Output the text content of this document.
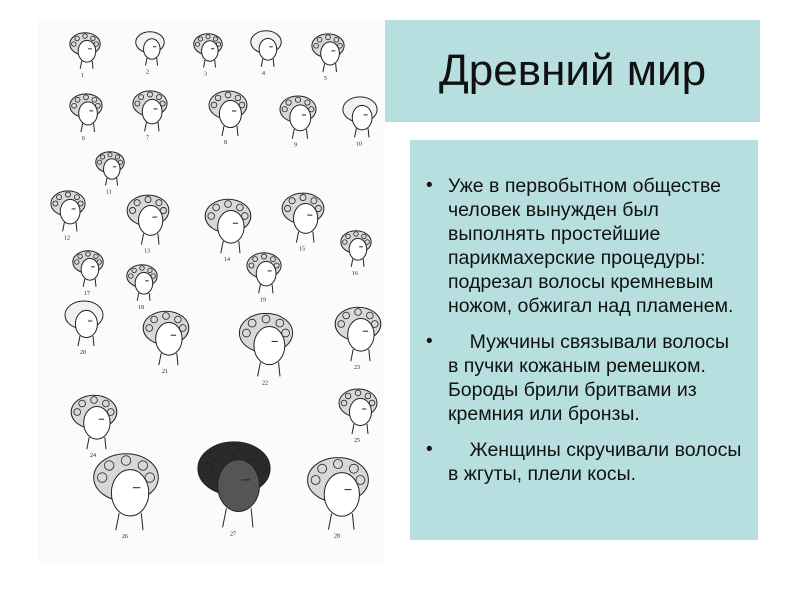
1
2	3	4
5
6	7
8	9	10
11
12
13
14
15
16
17
18
19
20
21
22
23
24
25
26	27	28
Древний мир
• Уже в первобытном обществе человек вынужден был выполнять простейшие парикмахерские процедуры: подрезал волосы кремневым ножом, обжигал над пламенем.
•     Мужчины связывали волосы в пучки кожаным ремешком. Бороды брили бритвами из кремния или бронзы.
•     Женщины скручивали волосы в жгуты, плели косы.
